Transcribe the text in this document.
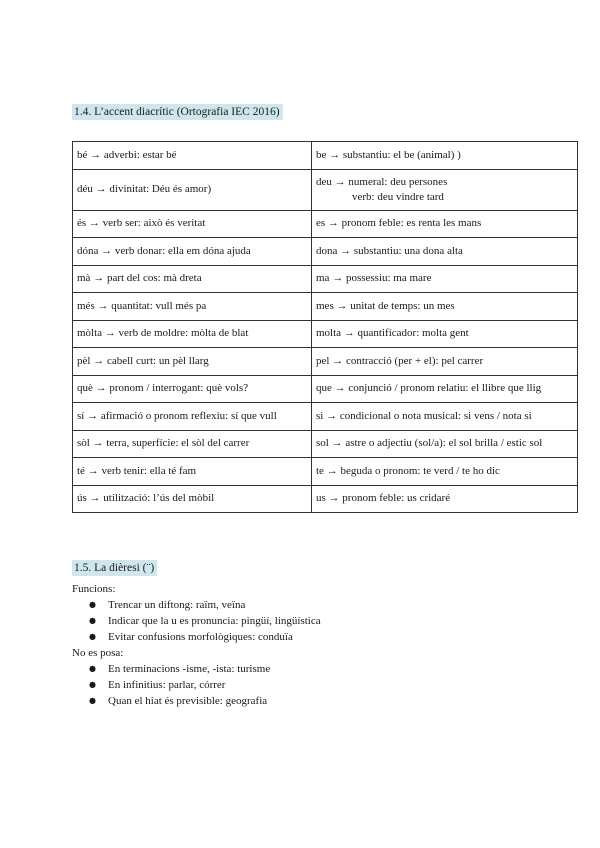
1.4. L’accent diacrític (Ortografia IEC 2016)
bé → adverbi: estar bé	be → substantiu: el be (animal) )
déu → divinitat: Déu és amor)	deu → numeral: deu persones
verb: deu vindre tard

és → verb ser: això és veritat	es → pronom feble: es renta les mans
dóna → verb donar: ella em dóna ajuda	dona → substantiu: una dona alta
mà → part del cos: mà dreta	ma → possessiu: ma mare
més → quantitat: vull més pa	mes → unitat de temps: un mes
mòlta → verb de moldre: mòlta de blat	molta → quantificador: molta gent
pèl → cabell curt: un pèl llarg	pel → contracció (per + el): pel carrer
què → pronom / interrogant: què vols?	que → conjunció / pronom relatiu: el llibre que llig
sí → afirmació o pronom reflexiu: sí que vull	si → condicional o nota musical: si vens / nota si
sòl → terra, superfície: el sòl del carrer	sol → astre o adjectiu (sol/a): el sol brilla / estic sol
té → verb tenir: ella té fam	te → beguda o pronom: te verd / te ho dic
ús → utilització: l’ús del mòbil	us → pronom feble: us cridaré
1.5. La dièresi (¨)
Funcions:
● Trencar un diftong: raïm, veïna
● Indicar que la u es pronuncia: pingüí, lingüística
● Evitar confusions morfològiques: conduïa
No es posa:
● En terminacions -isme, -ista: turisme
● En infinitius: parlar, córrer
● Quan el hiat és previsible: geografia
